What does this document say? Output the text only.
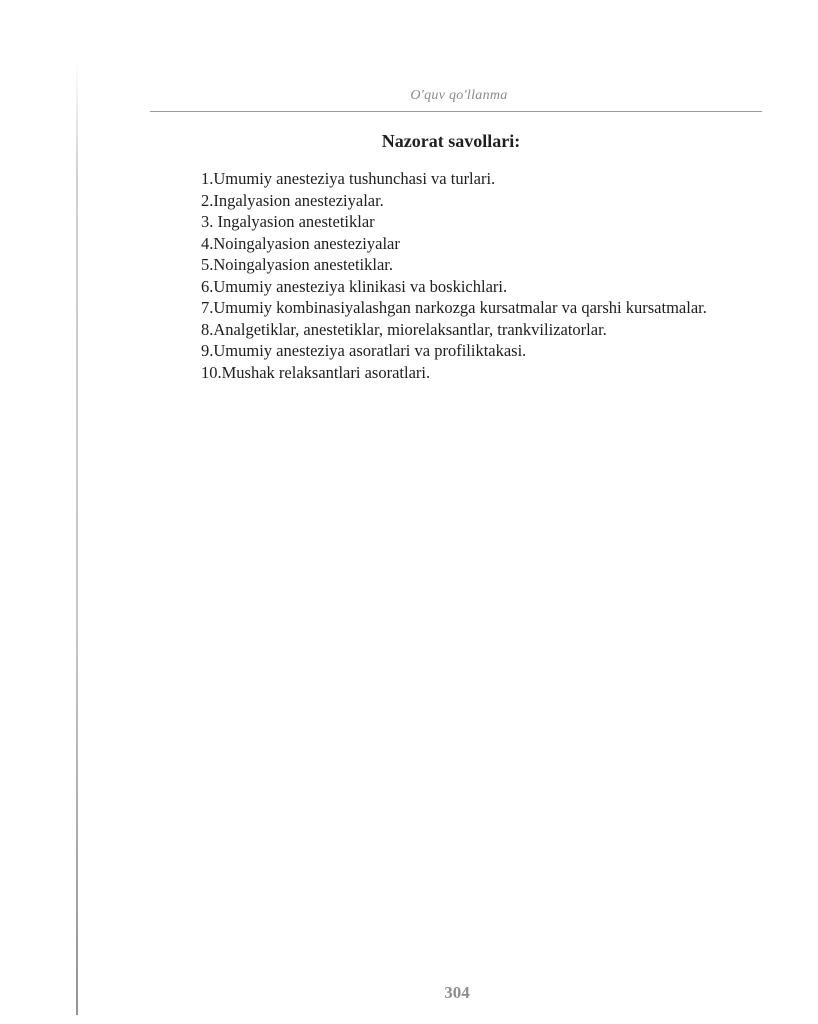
O'quv qo'llanma
Nazorat savollari:
1.Umumiy anesteziya tushunchasi va turlari.
2.Ingalyasion anesteziyalar.
3. Ingalyasion anestetiklar
4.Noingalyasion anesteziyalar
5.Noingalyasion anestetiklar.
6.Umumiy anesteziya klinikasi va boskichlari.
7.Umumiy kombinasiyalashgan narkozga kursatmalar va qarshi kursatmalar.
8.Analgetiklar, anestetiklar, miorelaksantlar, trankvilizatorlar.
9.Umumiy anesteziya asoratlari va profiliktakasi.
10.Mushak relaksantlari asoratlari.
304
